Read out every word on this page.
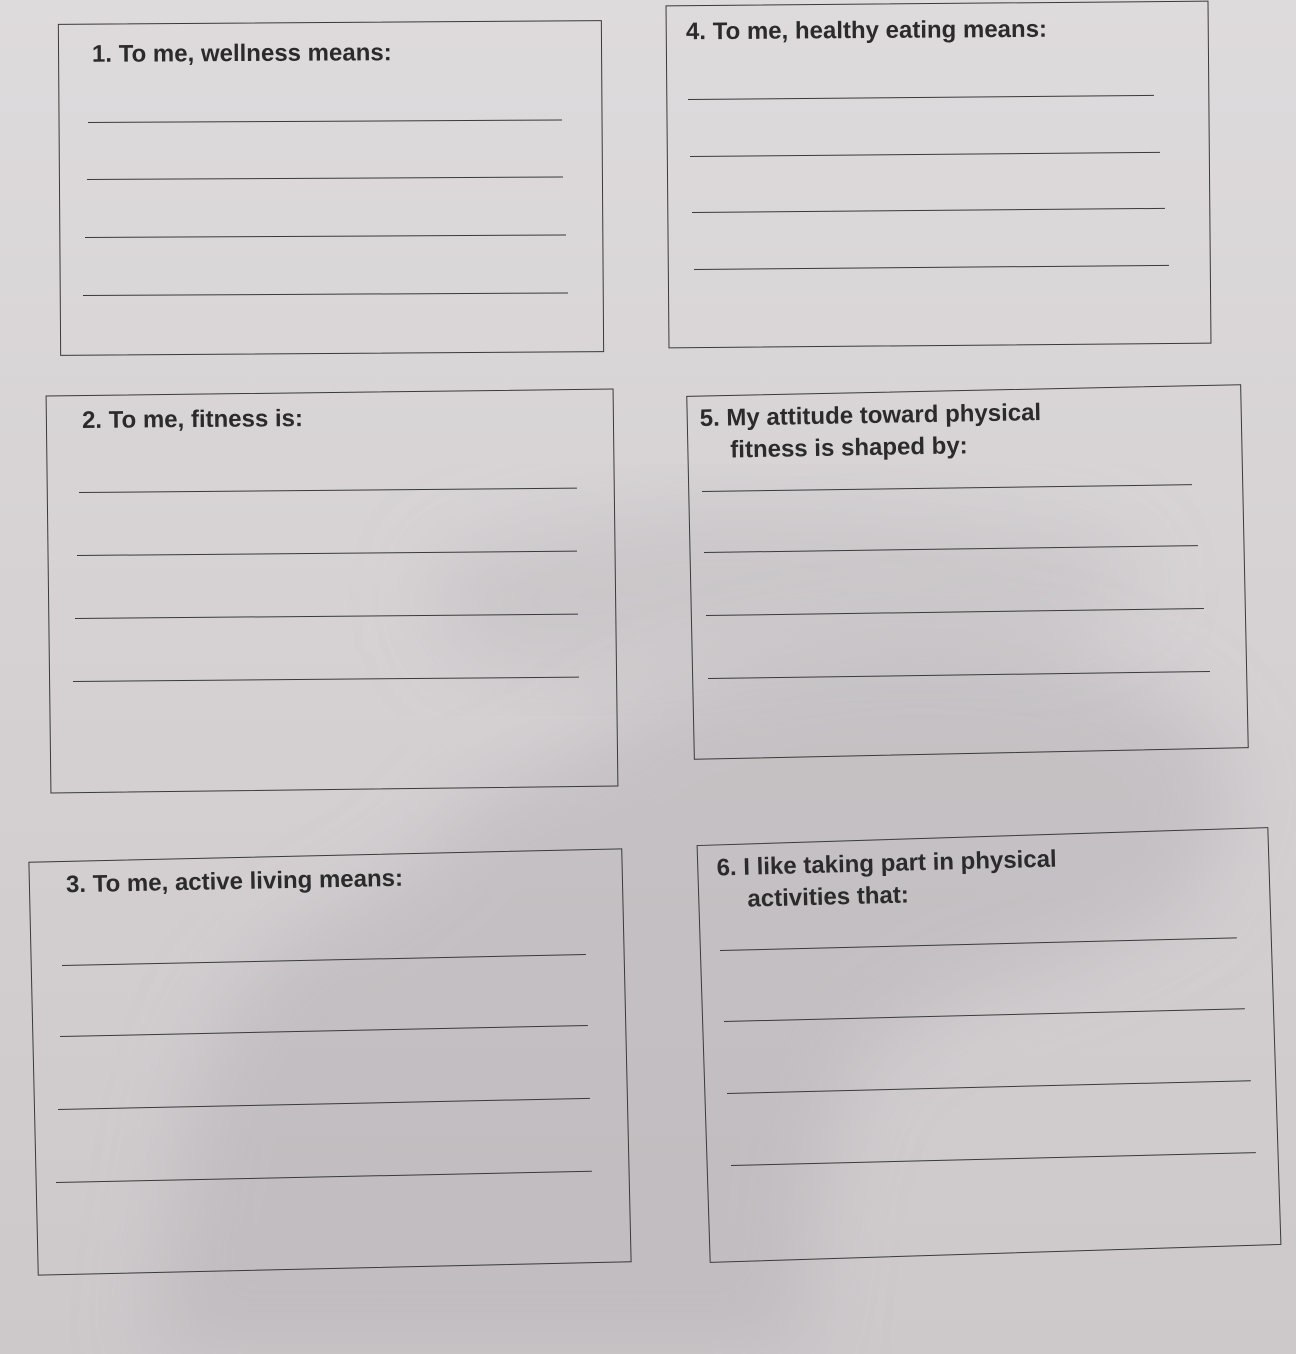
1. To me, wellness means:
4. To me, healthy eating means:
2. To me, fitness is:	5. My attitude toward physical
fitness is shaped by:
3. To me, active living means:	6. I like taking part in physical
activities that:
